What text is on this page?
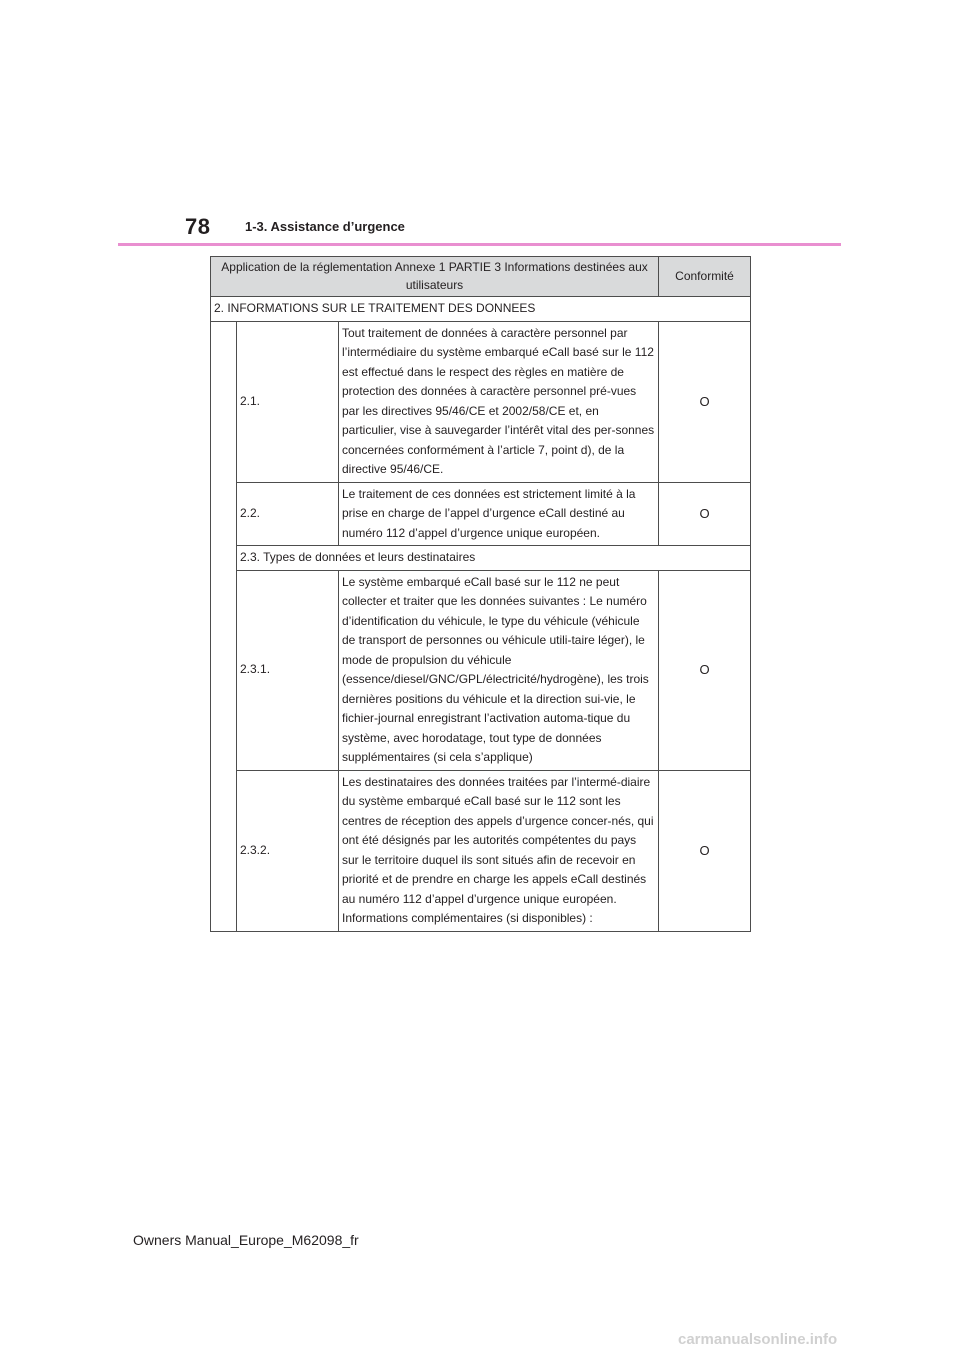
78	1-3. Assistance d’urgence
Application de la réglementation Annexe 1 PARTIE 3 Informations destinées aux utilisateurs			Conformité
2. INFORMATIONS SUR LE TRAITEMENT DES DONNEES			
	2.1.	Tout traitement de données à caractère personnel par l’intermédiaire du système embarqué eCall basé sur le 112 est effectué dans le respect des règles en matière de protection des données à caractère personnel pré-vues par les directives 95/46/CE et 2002/58/CE et, en particulier, vise à sauvegarder l’intérêt vital des per-sonnes concernées conformément à l’article 7, point d), de la directive 95/46/CE.	O
	2.2.	Le traitement de ces données est strictement limité à la prise en charge de l’appel d’urgence eCall destiné au numéro 112 d’appel d’urgence unique européen.	O
	2.3. Types de données et leurs destinataires		
	2.3.1.	Le système embarqué eCall basé sur le 112 ne peut collecter et traiter que les données suivantes : Le numéro d’identification du véhicule, le type du véhicule (véhicule de transport de personnes ou véhicule utili-taire léger), le mode de propulsion du véhicule (essence/diesel/GNC/GPL/électricité/hydrogène), les trois dernières positions du véhicule et la direction sui-vie, le fichier-journal enregistrant l’activation automa-tique du système, avec horodatage, tout type de données supplémentaires (si cela s’applique)	O
	2.3.2.	Les destinataires des données traitées par l’intermé-diaire du système embarqué eCall basé sur le 112 sont les centres de réception des appels d’urgence concer-nés, qui ont été désignés par les autorités compétentes du pays sur le territoire duquel ils sont situés afin de recevoir en priorité et de prendre en charge les appels eCall destinés au numéro 112 d’appel d’urgence unique européen. Informations complémentaires (si disponibles) :	O
Owners Manual_Europe_M62098_fr
carmanualsonline.info
